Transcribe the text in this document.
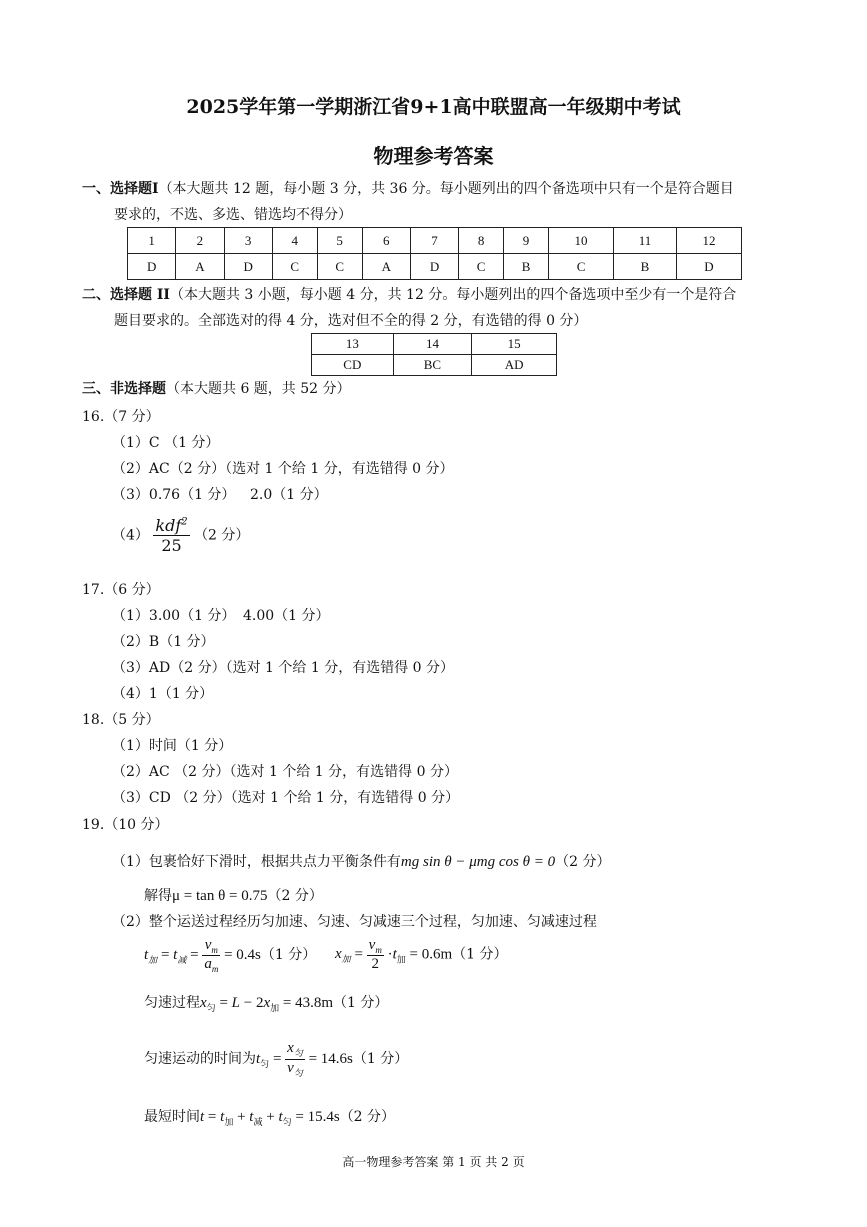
2025学年第一学期浙江省9+1高中联盟高一年级期中考试
物理参考答案
一、选择题I（本大题共 12 题，每小题 3 分，共 36 分。每小题列出的四个备选项中只有一个是符合题目
要求的，不选、多选、错选均不得分）
1	2	3	4	5	6	7	8	9	10	11	12
D	A	D	C	C	A	D	C	B	C	B	D
二、选择题 II（本大题共 3 小题，每小题 4 分，共 12 分。每小题列出的四个备选项中至少有一个是符合
题目要求的。全部选对的得 4 分，选对但不全的得 2 分，有选错的得 0 分）
13	14	15
CD	BC	AD
三、非选择题（本大题共 6 题，共 52 分）
16.（7 分）
（1）C （1 分）
（2）AC（2 分）（选对 1 个给 1 分，有选错得 0 分）
（3）0.76（1 分） 2.0（1 分）
$(4) \frac{kdf^2}{25} (2$ 分）
17.（6 分）
（1）3.00（1 分） 4.00（1 分）
（2）B（1 分）
（3）AD（2 分）（选对 1 个给 1 分，有选错得 0 分）
（4）1（1 分）
18.（5 分）
（1）时间（1 分）
（2）AC （2 分）（选对 1 个给 1 分，有选错得 0 分）
（3）CD （2 分）（选对 1 个给 1 分，有选错得 0 分）
19.（10 分）
（1）包裹恰好下滑时，根据共点力平衡条件有mg sin θ − μmg cos θ = 0（2 分）
解得μ = tan θ = 0.75（2 分）
（2）整个运送过程经历匀加速、匀速、匀减速三个过程，匀加速、匀减速过程
$t_加 = t_减 = \frac{v_m}{a_m} = 0.4s(1$ 分） $x_加 = \frac{v_m}{2} \cdot t_加 = 0.6m(1$ 分）
匀速过程$x_匀 = L - 2x_加 = 43.8m(1$ 分）
匀速运动的时间为$t_匀 = \frac{x_匀}{v_匀} = 14.6s(1$ 分）
最短时间$t = t_加 + t_减 + t_匀 = 15.4s(2$ 分）
高一物理参考答案 第 1 页 共 2 页
